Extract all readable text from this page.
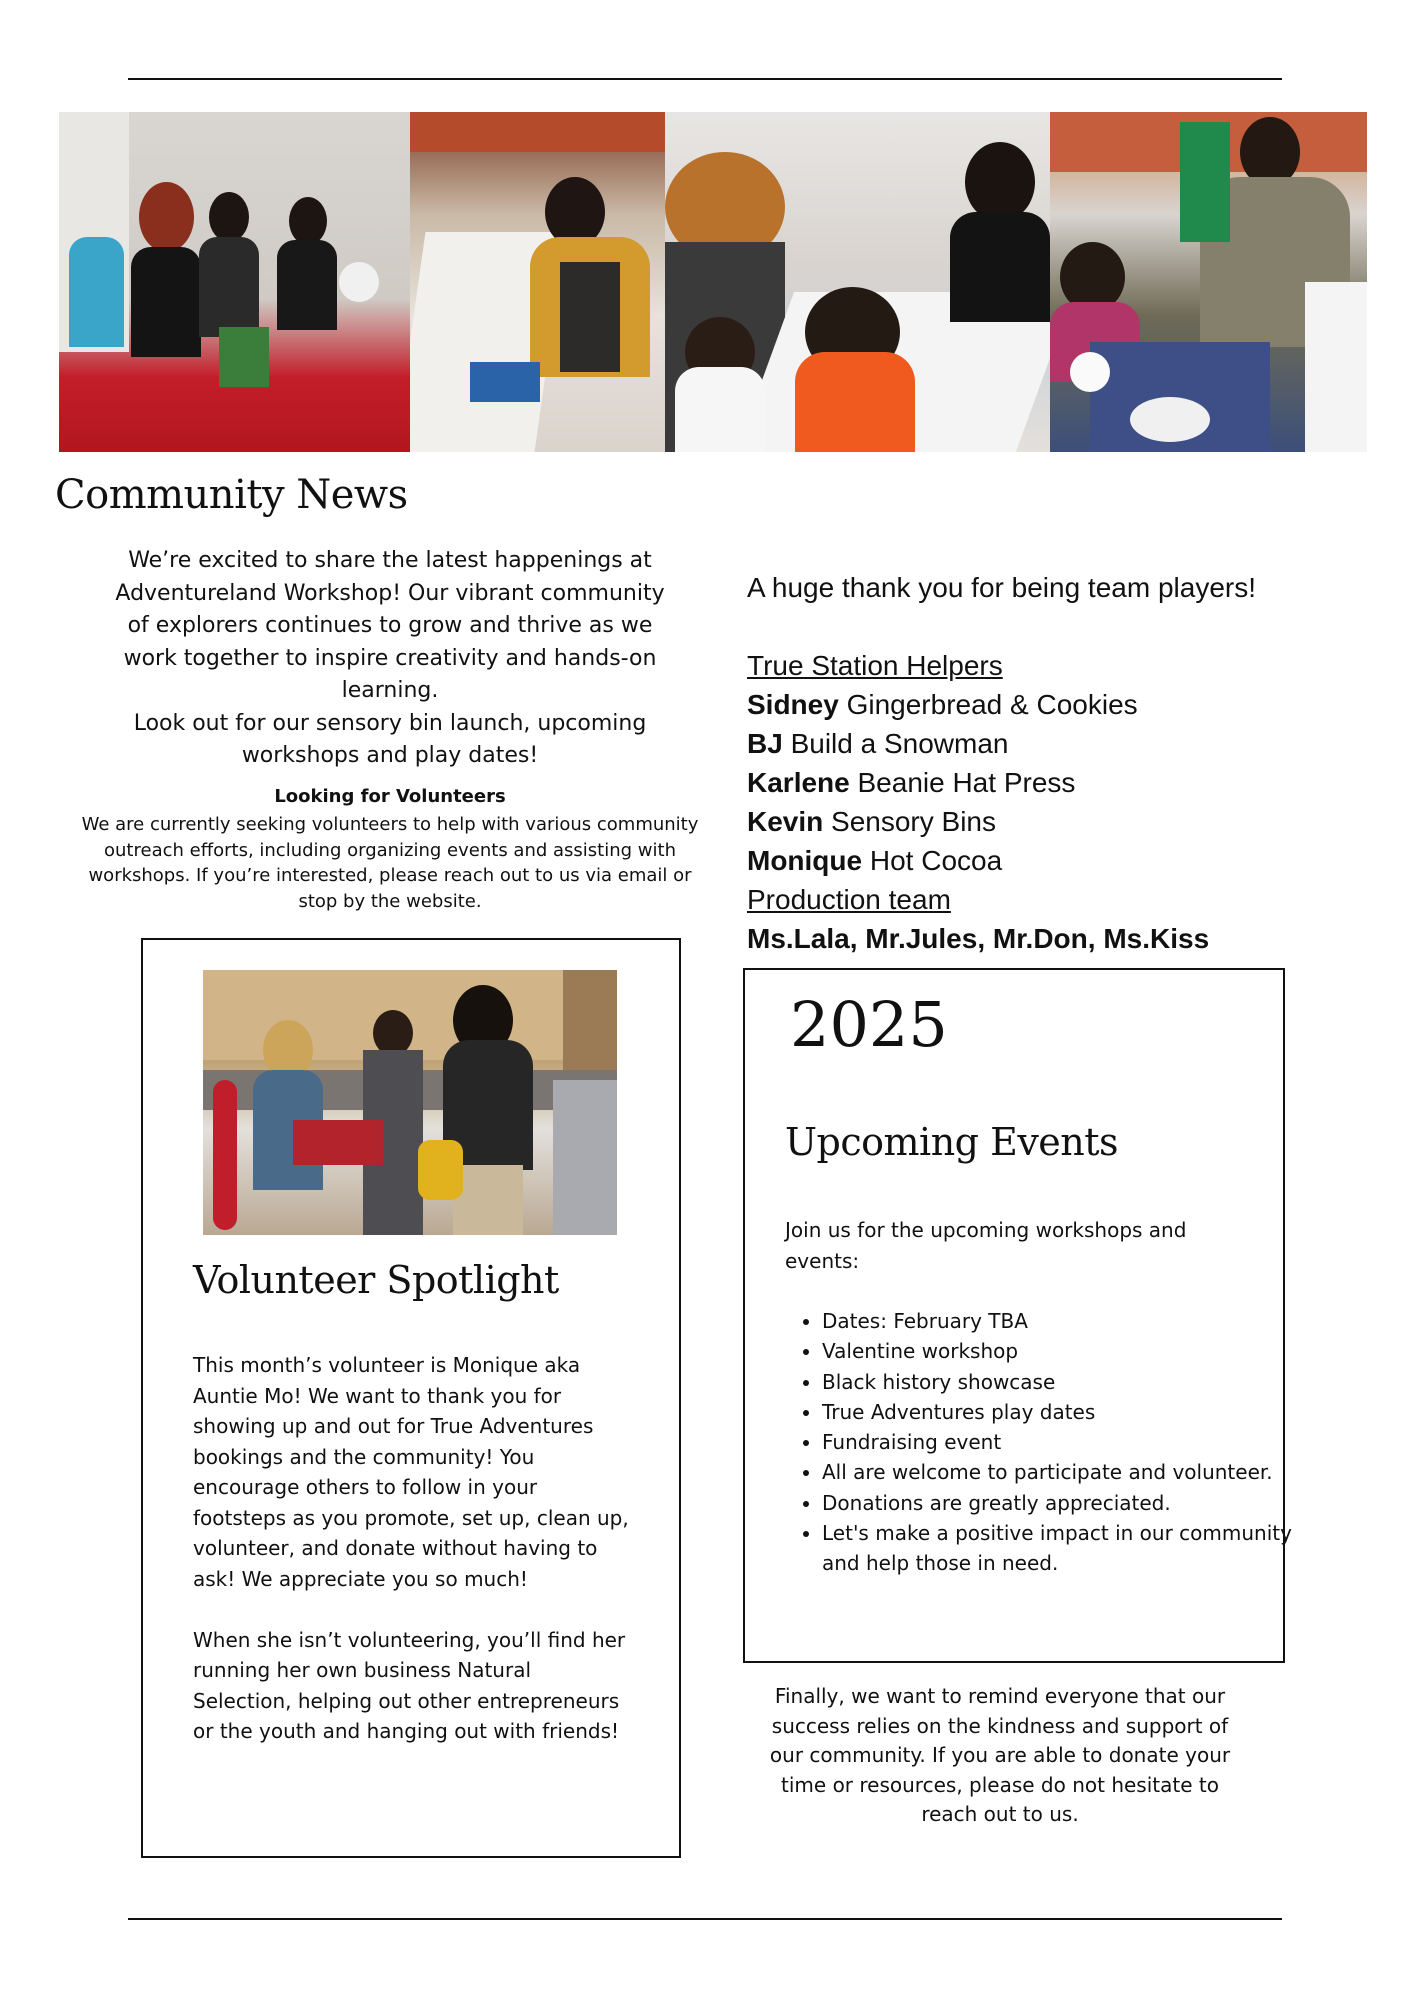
Community News

We’re excited to share the latest happenings at Adventureland Workshop! Our vibrant community of explorers continues to grow and thrive as we work together to inspire creativity and hands-on learning.
Look out for our sensory bin launch, upcoming workshops and play dates!

Looking for Volunteers

We are currently seeking volunteers to help with various community outreach efforts, including organizing events and assisting with workshops. If you’re interested, please reach out to us via email or stop by the website.

A huge thank you for being team players!

True Station Helpers

Sidney Gingerbread & Cookies

BJ Build a Snowman

Karlene Beanie Hat Press

Kevin Sensory Bins

Monique Hot Cocoa

Production team

Ms.Lala, Mr.Jules, Mr.Don, Ms.Kiss

Volunteer Spotlight

This month’s volunteer is Monique aka Auntie Mo! We want to thank you for showing up and out for True Adventures bookings and the community! You encourage others to follow in your footsteps as you promote, set up, clean up, volunteer, and donate without having to ask! We appreciate you so much!

When she isn’t volunteering, you’ll find her running her own business Natural Selection, helping out other entrepreneurs or the youth and hanging out with friends!

2025
Upcoming Events

Join us for the upcoming workshops and events:

• Dates: February TBA
• Valentine workshop
• Black history showcase
• True Adventures play dates
• Fundraising event
• All are welcome to participate and volunteer.
• Donations are greatly appreciated.
• Let's make a positive impact in our community and help those in need.

Finally, we want to remind everyone that our success relies on the kindness and support of our community. If you are able to donate your time or resources, please do not hesitate to reach out to us.
